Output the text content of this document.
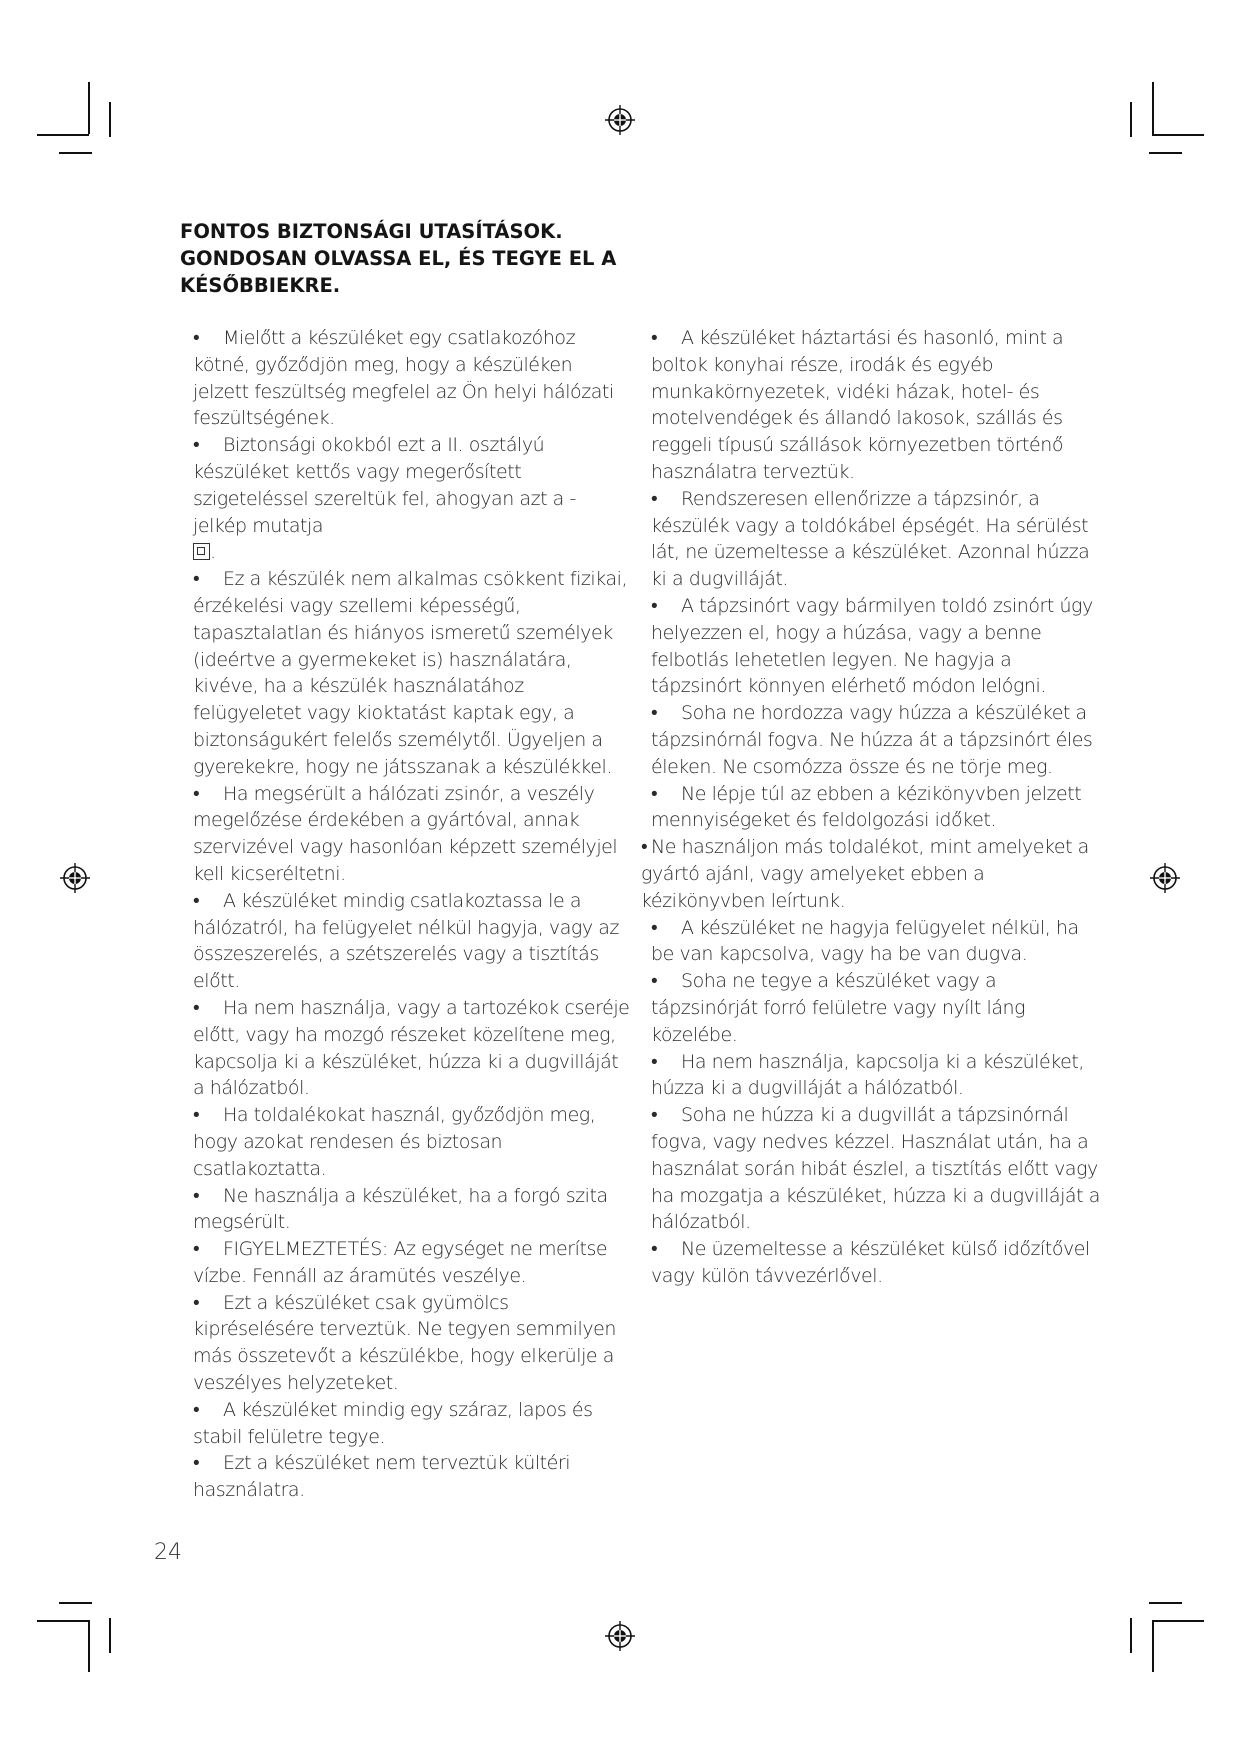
FONTOS BIZTONSÁGI UTASÍTÁSOK.
GONDOSAN OLVASSA EL, ÉS TEGYE EL A
KÉSŐBBIEKRE.

• Mielőtt a készüléket egy csatlakozóhoz kötné, győződjön meg, hogy a készüléken jelzett feszültség megfelel az Ön helyi hálózati feszültségének.

• Biztonsági okokból ezt a II. osztályú készüléket kettős vagy megerősített szigeteléssel szereltük fel, ahogyan azt a - jelkép mutatja
.

• Ez a készülék nem alkalmas csökkent fizikai, érzékelési vagy szellemi képességű, tapasztalatlan és hiányos ismeretű személyek (ideértve a gyermekeket is) használatára, kivéve, ha a készülék használatához felügyeletet vagy kioktatást kaptak egy, a biztonságukért felelős személytől. Ügyeljen a gyerekekre, hogy ne játsszanak a készülékkel.

• Ha megsérült a hálózati zsinór, a veszély megelőzése érdekében a gyártóval, annak szervizével vagy hasonlóan képzett személyjel kell kicseréltetni.

• A készüléket mindig csatlakoztassa le a hálózatról, ha felügyelet nélkül hagyja, vagy az összeszerelés, a szétszerelés vagy a tisztítás előtt.

• Ha nem használja, vagy a tartozékok cseréje előtt, vagy ha mozgó részeket közelítene meg, kapcsolja ki a készüléket, húzza ki a dugvilláját a hálózatból.

• Ha toldalékokat használ, győződjön meg, hogy azokat rendesen és biztosan csatlakoztatta.

• Ne használja a készüléket, ha a forgó szita megsérült.

• FIGYELMEZTETÉS: Az egységet ne merítse vízbe. Fennáll az áramütés veszélye.

• Ezt a készüléket csak gyümölcs kipréselésére terveztük. Ne tegyen semmilyen más összetevőt a készülékbe, hogy elkerülje a veszélyes helyzeteket.

• A készüléket mindig egy száraz, lapos és stabil felületre tegye.

• Ezt a készüléket nem terveztük kültéri használatra.

• A készüléket háztartási és hasonló, mint a boltok konyhai része, irodák és egyéb munkakörnyezetek, vidéki házak, hotel- és motelvendégek és állandó lakosok, szállás és reggeli típusú szállások környezetben történő használatra terveztük.

• Rendszeresen ellenőrizze a tápzsinór, a készülék vagy a toldókábel épségét. Ha sérülést lát, ne üzemeltesse a készüléket. Azonnal húzza ki a dugvilláját.

• A tápzsinórt vagy bármilyen toldó zsinórt úgy helyezzen el, hogy a húzása, vagy a benne felbotlás lehetetlen legyen. Ne hagyja a tápzsinórt könnyen elérhető módon lelógni.

• Soha ne hordozza vagy húzza a készüléket a tápzsinórnál fogva. Ne húzza át a tápzsinórt éles éleken. Ne csomózza össze és ne törje meg.

• Ne lépje túl az ebben a kézikönyvben jelzett mennyiségeket és feldolgozási időket.

• Ne használjon más toldalékot, mint amelyeket a gyártó ajánl, vagy amelyeket ebben a kézikönyvben leírtunk.

• A készüléket ne hagyja felügyelet nélkül, ha be van kapcsolva, vagy ha be van dugva.

• Soha ne tegye a készüléket vagy a tápzsinórját forró felületre vagy nyílt láng közelébe.

• Ha nem használja, kapcsolja ki a készüléket, húzza ki a dugvilláját a hálózatból.

• Soha ne húzza ki a dugvillát a tápzsinórnál fogva, vagy nedves kézzel. Használat után, ha a használat során hibát észlel, a tisztítás előtt vagy ha mozgatja a készüléket, húzza ki a dugvilláját a hálózatból.

• Ne üzemeltesse a készüléket külső időzítővel vagy külön távvezérlővel.

24
